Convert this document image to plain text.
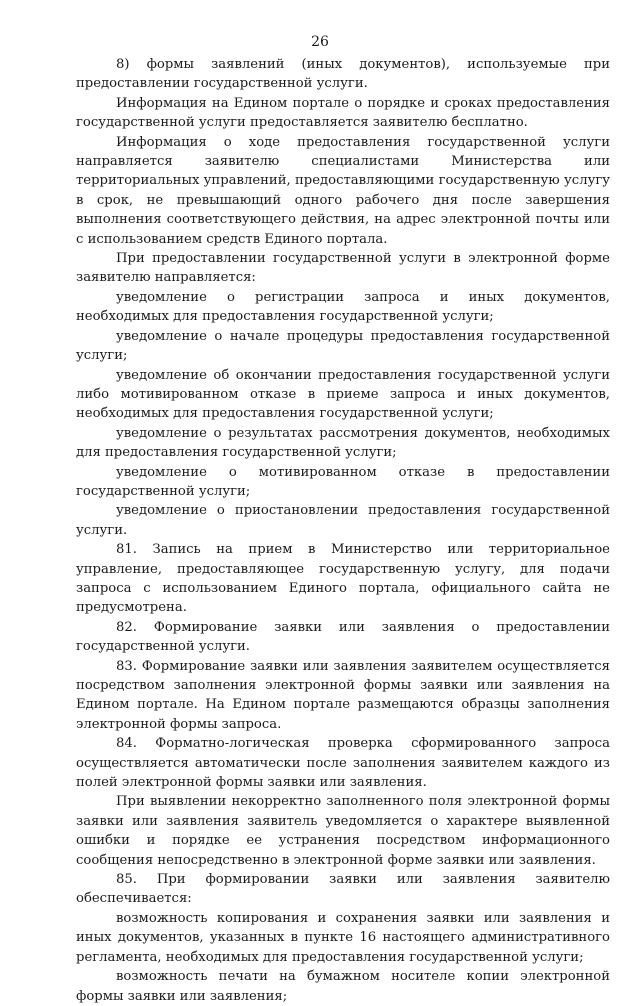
26

8) формы заявлений (иных документов), используемые при предоставлении государственной услуги.

Информация на Едином портале о порядке и сроках предоставления государственной услуги предоставляется заявителю бесплатно.

Информация о ходе предоставления государственной услуги направляется заявителю специалистами Министерства или территориальных управлений, предоставляющими государственную услугу в срок, не превышающий одного рабочего дня после завершения выполнения соответствующего действия, на адрес электронной почты или с использованием средств Единого портала.

При предоставлении государственной услуги в электронной форме заявителю направляется:

уведомление о регистрации запроса и иных документов, необходимых для предоставления государственной услуги;

уведомление о начале процедуры предоставления государственной услуги;

уведомление об окончании предоставления государственной услуги либо мотивированном отказе в приеме запроса и иных документов, необходимых для предоставления государственной услуги;

уведомление о результатах рассмотрения документов, необходимых для предоставления государственной услуги;

уведомление о мотивированном отказе в предоставлении государственной услуги;

уведомление о приостановлении предоставления государственной услуги.

81. Запись на прием в Министерство или территориальное управление, предоставляющее государственную услугу, для подачи запроса с использованием Единого портала, официального сайта не предусмотрена.

82. Формирование заявки или заявления о предоставлении государственной услуги.

83. Формирование заявки или заявления заявителем осуществляется посредством заполнения электронной формы заявки или заявления на Едином портале. На Едином портале размещаются образцы заполнения электронной формы запроса.

84. Форматно-логическая проверка сформированного запроса осуществляется автоматически после заполнения заявителем каждого из полей электронной формы заявки или заявления.

При выявлении некорректно заполненного поля электронной формы заявки или заявления заявитель уведомляется о характере выявленной ошибки и порядке ее устранения посредством информационного сообщения непосредственно в электронной форме заявки или заявления.

85. При формировании заявки или заявления заявителю обеспечивается:

возможность копирования и сохранения заявки или заявления и иных документов, указанных в пункте 16 настоящего административного регламента, необходимых для предоставления государственной услуги;

возможность печати на бумажном носителе копии электронной формы заявки или заявления;
